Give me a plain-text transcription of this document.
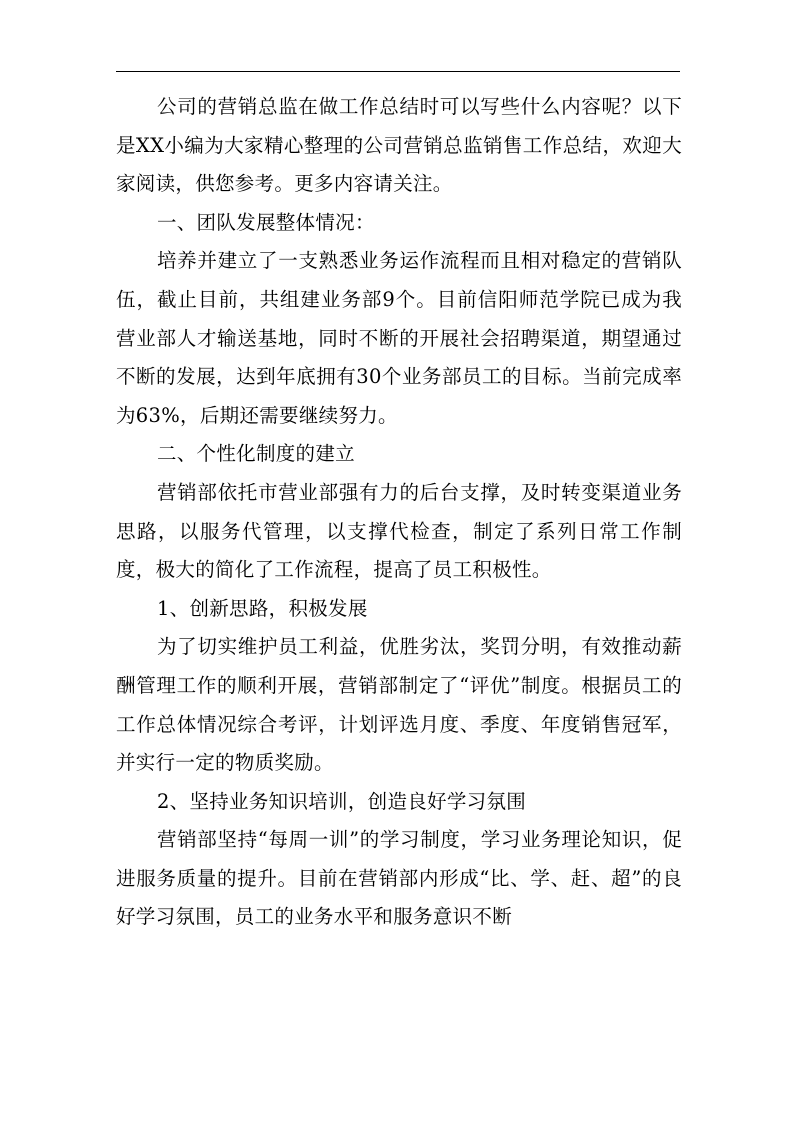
公司的营销总监在做工作总结时可以写些什么内容呢？以下是XX小编为大家精心整理的公司营销总监销售工作总结，欢迎大家阅读，供您参考。更多内容请关注。

一、团队发展整体情况：

培养并建立了一支熟悉业务运作流程而且相对稳定的营销队伍，截止目前，共组建业务部9个。目前信阳师范学院已成为我营业部人才输送基地，同时不断的开展社会招聘渠道，期望通过不断的发展，达到年底拥有30个业务部员工的目标。当前完成率为63%，后期还需要继续努力。

二、个性化制度的建立

营销部依托市营业部强有力的后台支撑，及时转变渠道业务思路，以服务代管理，以支撑代检查，制定了系列日常工作制度，极大的简化了工作流程，提高了员工积极性。

1、创新思路，积极发展

为了切实维护员工利益，优胜劣汰，奖罚分明，有效推动薪酬管理工作的顺利开展，营销部制定了“评优”制度。根据员工的工作总体情况综合考评，计划评选月度、季度、年度销售冠军，并实行一定的物质奖励。

2、坚持业务知识培训，创造良好学习氛围

营销部坚持“每周一训”的学习制度，学习业务理论知识，促进服务质量的提升。目前在营销部内形成“比、学、赶、超”的良好学习氛围，员工的业务水平和服务意识不断
